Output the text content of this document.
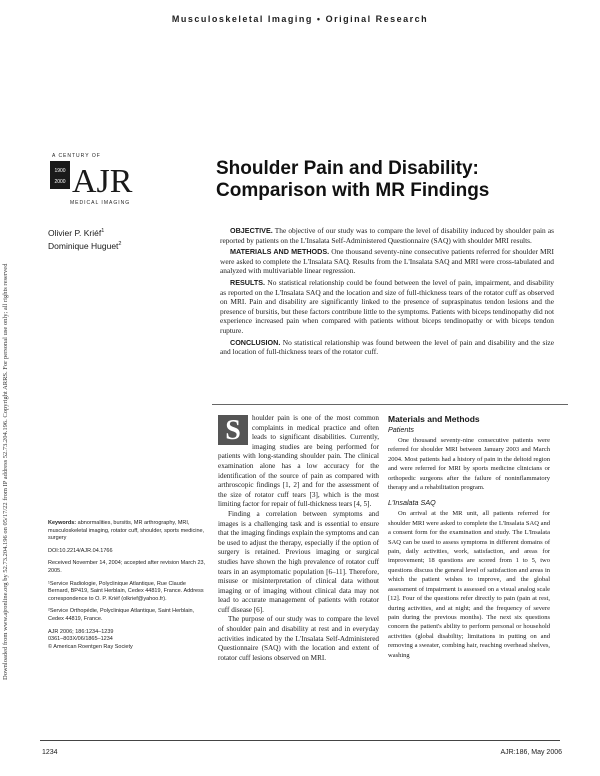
Musculoskeletal Imaging • Original Research
Downloaded from www.ajronline.org by 52.73.204.196 on 05/17/22 from IP address 52.73.204.196. Copyright ARRS. For personal use only; all rights reserved
A CENTURY OF
1900
2000 AJR
MEDICAL IMAGING
Shoulder Pain and Disability:
Comparison with MR Findings
Olivier P. Kriéf$^1$
Dominique Huguet$^2$

OBJECTIVE. The objective of our study was to compare the level of disability induced by shoulder pain as reported by patients on the L'Insalata Self-Administered Questionnaire (SAQ) with shoulder MRI results.

MATERIALS AND METHODS. One thousand seventy-nine consecutive patients referred for shoulder MRI were asked to complete the L'Insalata SAQ. Results from the L'Insalata SAQ and MRI were cross-tabulated and analyzed with multivariable linear regression.

RESULTS. No statistical relationship could be found between the level of pain, impairment, and disability as reported on the L'Insalata SAQ and the location and size of full-thickness tears of the rotator cuff as observed on MRI. Pain and disability are significantly linked to the presence of supraspinatus tendon lesions and the presence of bursitis, but these factors contribute little to the symptoms. Patients with biceps tendinopathy did not experience increased pain when compared with patients without biceps tendinopathy or with biceps tendon rupture.

CONCLUSION. No statistical relationship was found between the level of pain and disability and the size and location of full-thickness tears of the rotator cuff.

Keywords: abnormalities, bursitis, MR arthrography, MRI, musculoskeletal imaging, rotator cuff, shoulder, sports medicine, surgery

DOI:10.2214/AJR.04.1766

Received November 14, 2004; accepted after revision March 23, 2005.

¹Service Radiologie, Polyclinique Atlantique, Rue Claude Bernard, BP419, Saint Herblain, Cedex 44819, France. Address correspondence to O. P. Kriéf (olkrief@yahoo.fr).

²Service Orthopédie, Polyclinique Atlantique, Saint Herblain, Cedex 44819, France.

AJR 2006; 186:1234–1239

0361–803X/06/1865–1234

© American Roentgen Ray Society

S	houlder pain is one of the most common complaints in medical practice and often leads to significant disabilities. Currently, imaging studies are being performed for patients with long-standing shoulder pain. The clinical examination alone has a low accuracy for the identification of the source of pain as compared with arthroscopic findings [1, 2] and for the assessment of the size of rotator cuff tears [3], which is the most limiting factor for repair of full-thickness tears [4, 5].

Finding a correlation between symptoms and images is a challenging task and is essential to ensure that the imaging findings explain the symptoms and can be used to adjust the therapy, especially if the option of surgery is retained. Previous imaging or surgical studies have shown the high prevalence of rotator cuff tears in an asymptomatic population [6–11]. Therefore, misuse or misinterpretation of clinical data without imaging or of imaging without clinical data may not lead to accurate management of patients with rotator cuff disease [6].

The purpose of our study was to compare the level of shoulder pain and disability at rest and in everyday activities indicated by the L'Insalata Self-Administered Questionnaire (SAQ) with the location and extent of rotator cuff lesions observed on MRI.

Materials and Methods
Patients

One thousand seventy-nine consecutive patients were referred for shoulder MRI between January 2003 and March 2004. Most patients had a history of pain in the deltoid region and were referred for MRI by sports medicine clinicians or orthopedic surgeons after the failure of noninflammatory therapy and a rehabilitation program.

L'Insalata SAQ

On arrival at the MR unit, all patients referred for shoulder MRI were asked to complete the L'Insalata SAQ and a consent form for the examination and study. The L'Insalata SAQ can be used to assess symptoms in different domains of pain, daily activities, work, satisfaction, and areas for improvement; 18 questions are scored from 1 to 5, two questions discuss the general level of satisfaction and areas in which the patient wishes to improve, and the global assessment of impairment is assessed on a visual analog scale [12]. Four of the questions refer directly to pain (pain at rest, during activities, and at night; and the frequency of severe pain during the previous months). The next six questions concern the patient's ability to perform personal or household activities (global disability; limitations in putting on and removing a sweater, combing hair, reaching overhead shelves, washing

1234	AJR:186, May 2006
